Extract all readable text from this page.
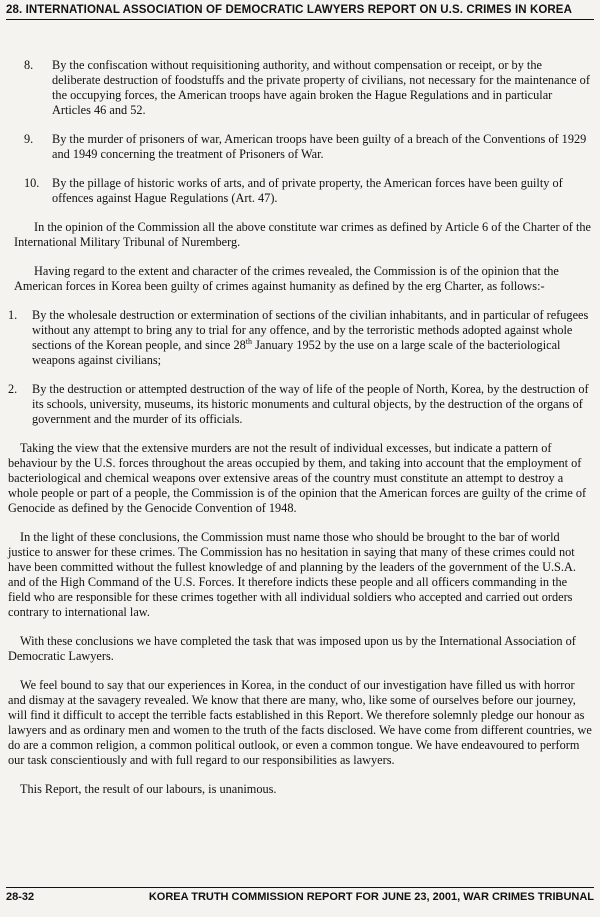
28. INTERNATIONAL ASSOCIATION OF DEMOCRATIC LAWYERS REPORT ON U.S. CRIMES IN KOREA
8.	By the confiscation without requisitioning authority, and without compensation or receipt, or by the deliberate destruction of foodstuffs and the private property of civilians, not necessary for the maintenance of the occupying forces, the American troops have again broken the Hague Regulations and in particular Articles 46 and 52.
9.	By the murder of prisoners of war, American troops have been guilty of a breach of the Conventions of 1929 and 1949 concerning the treatment of Prisoners of War.
10.	By the pillage of historic works of arts, and of private property, the American forces have been guilty of offences against Hague Regulations (Art. 47).

In the opinion of the Commission all the above constitute war crimes as defined by Article 6 of the Charter of the International Military Tribunal of Nuremberg.

Having regard to the extent and character of the crimes revealed, the Commission is of the opinion that the American forces in Korea been guilty of crimes against humanity as defined by the erg Charter, as follows:-

1.	By the wholesale destruction or extermination of sections of the civilian inhabitants, and in particular of refugees without any attempt to bring any to trial for any offence, and by the terroristic methods adopted against whole sections of the Korean people, and since 28th January 1952 by the use on a large scale of the bacteriological weapons against civilians;
2.	By the destruction or attempted destruction of the way of life of the people of North, Korea, by the destruction of its schools, university, museums, its historic monuments and cultural objects, by the destruction of the organs of government and the murder of its officials.

Taking the view that the extensive murders are not the result of individual excesses, but indicate a pattern of behaviour by the U.S. forces throughout the areas occupied by them, and taking into account that the employment of bacteriological and chemical weapons over extensive areas of the country must constitute an attempt to destroy a whole people or part of a people, the Commission is of the opinion that the American forces are guilty of the crime of Genocide as defined by the Genocide Convention of 1948.

In the light of these conclusions, the Commission must name those who should be brought to the bar of world justice to answer for these crimes. The Commission has no hesitation in saying that many of these crimes could not have been committed without the fullest knowledge of and planning by the leaders of the government of the U.S.A. and of the High Command of the U.S. Forces. It therefore indicts these people and all officers commanding in the field who are responsible for these crimes together with all individual soldiers who accepted and carried out orders contrary to international law.

With these conclusions we have completed the task that was imposed upon us by the International Association of Democratic Lawyers.

We feel bound to say that our experiences in Korea, in the conduct of our investigation have filled us with horror and dismay at the savagery revealed. We know that there are many, who, like some of ourselves before our journey, will find it difficult to accept the terrible facts established in this Report. We therefore solemnly pledge our honour as lawyers and as ordinary men and women to the truth of the facts disclosed. We have come from different countries, we do are a common religion, a common political outlook, or even a common tongue. We have endeavoured to perform our task conscientiously and with full regard to our responsibilities as lawyers.

This Report, the result of our labours, is unanimous.

28-32	KOREA TRUTH COMMISSION REPORT FOR JUNE 23, 2001, WAR CRIMES TRIBUNAL
